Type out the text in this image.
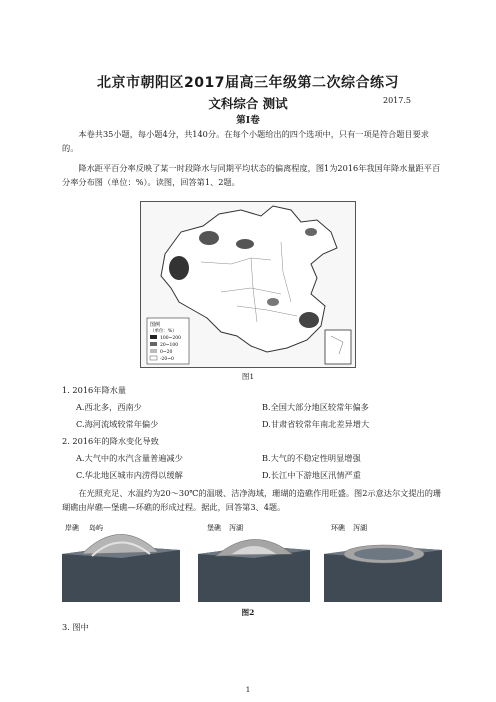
北京市朝阳区2017届高三年级第二次综合练习
文科综合 测试	2017.5
第Ⅰ卷
本卷共35小题，每小题4分，共140分。在每个小题给出的四个选项中，只有一项是符合题目要求的。
降水距平百分率反映了某一时段降水与同期平均状态的偏离程度，图1为2016年我国年降水量距平百分率分布图（单位：%）。读图，回答第1、2题。
图例
（单位：%）
100~200
20~100
0~20
-20~0
图1
1. 2016年降水量
A.西北多，西南少	B.全国大部分地区较常年偏多
C.海河流域较常年偏少	D.甘肃省较常年南北差异增大
2. 2016年的降水变化导致
A.大气中的水汽含量普遍减少	B.大气的不稳定性明显增强
C.华北地区城市内涝得以缓解	D.长江中下游地区汛情严重
在光照充足、水温约为20～30℃的温暖、洁净海域，珊瑚的造礁作用旺盛。图2示意达尔文提出的珊瑚礁由岸礁—堡礁—环礁的形成过程。据此，回答第3、4题。
岸礁 岛屿	堡礁 泻湖	环礁 泻湖
图2
3. 图中
1
